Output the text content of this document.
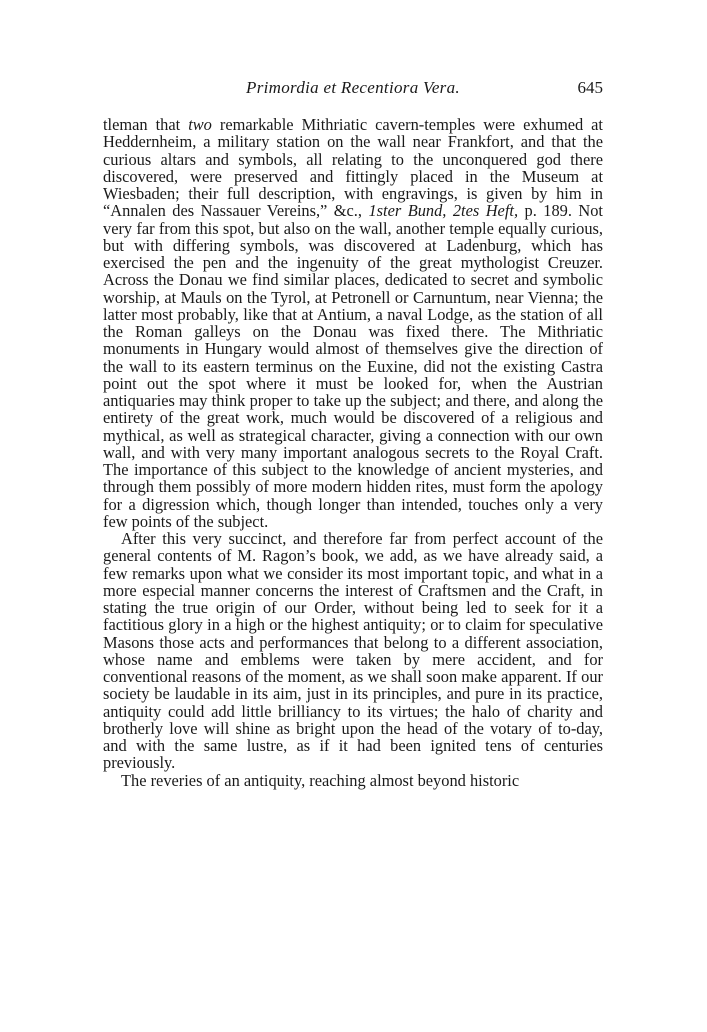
Primordia et Recentiora Vera.	645

tleman that two remarkable Mithriatic cavern-temples were exhumed at Heddernheim, a military station on the wall near Frankfort, and that the curious altars and symbols, all relating to the unconquered god there discovered, were preserved and fittingly placed in the Museum at Wiesbaden; their full description, with engravings, is given by him in “Annalen des Nassauer Vereins,” &c., 1ster Bund, 2tes Heft, p. 189. Not very far from this spot, but also on the wall, another temple equally curious, but with differing symbols, was discovered at Ladenburg, which has exercised the pen and the ingenuity of the great mythologist Creuzer. Across the Donau we find similar places, dedicated to secret and symbolic worship, at Mauls on the Tyrol, at Petronell or Carnuntum, near Vienna; the latter most probably, like that at Antium, a naval Lodge, as the station of all the Roman galleys on the Donau was fixed there. The Mithriatic monuments in Hungary would almost of themselves give the direction of the wall to its eastern terminus on the Euxine, did not the existing Castra point out the spot where it must be looked for, when the Austrian antiquaries may think proper to take up the subject; and there, and along the entirety of the great work, much would be discovered of a religious and mythical, as well as strategical character, giving a connection with our own wall, and with very many important analogous secrets to the Royal Craft. The importance of this subject to the knowledge of ancient mysteries, and through them possibly of more modern hidden rites, must form the apology for a digression which, though longer than intended, touches only a very few points of the subject.

After this very succinct, and therefore far from perfect account of the general contents of M. Ragon’s book, we add, as we have already said, a few remarks upon what we consider its most important topic, and what in a more especial manner concerns the interest of Craftsmen and the Craft, in stating the true origin of our Order, without being led to seek for it a factitious glory in a high or the highest antiquity; or to claim for speculative Masons those acts and performances that belong to a different association, whose name and emblems were taken by mere accident, and for conventional reasons of the moment, as we shall soon make apparent. If our society be laudable in its aim, just in its principles, and pure in its practice, antiquity could add little brilliancy to its virtues; the halo of charity and brotherly love will shine as bright upon the head of the votary of to-day, and with the same lustre, as if it had been ignited tens of centuries previously.

The reveries of an antiquity, reaching almost beyond historic
